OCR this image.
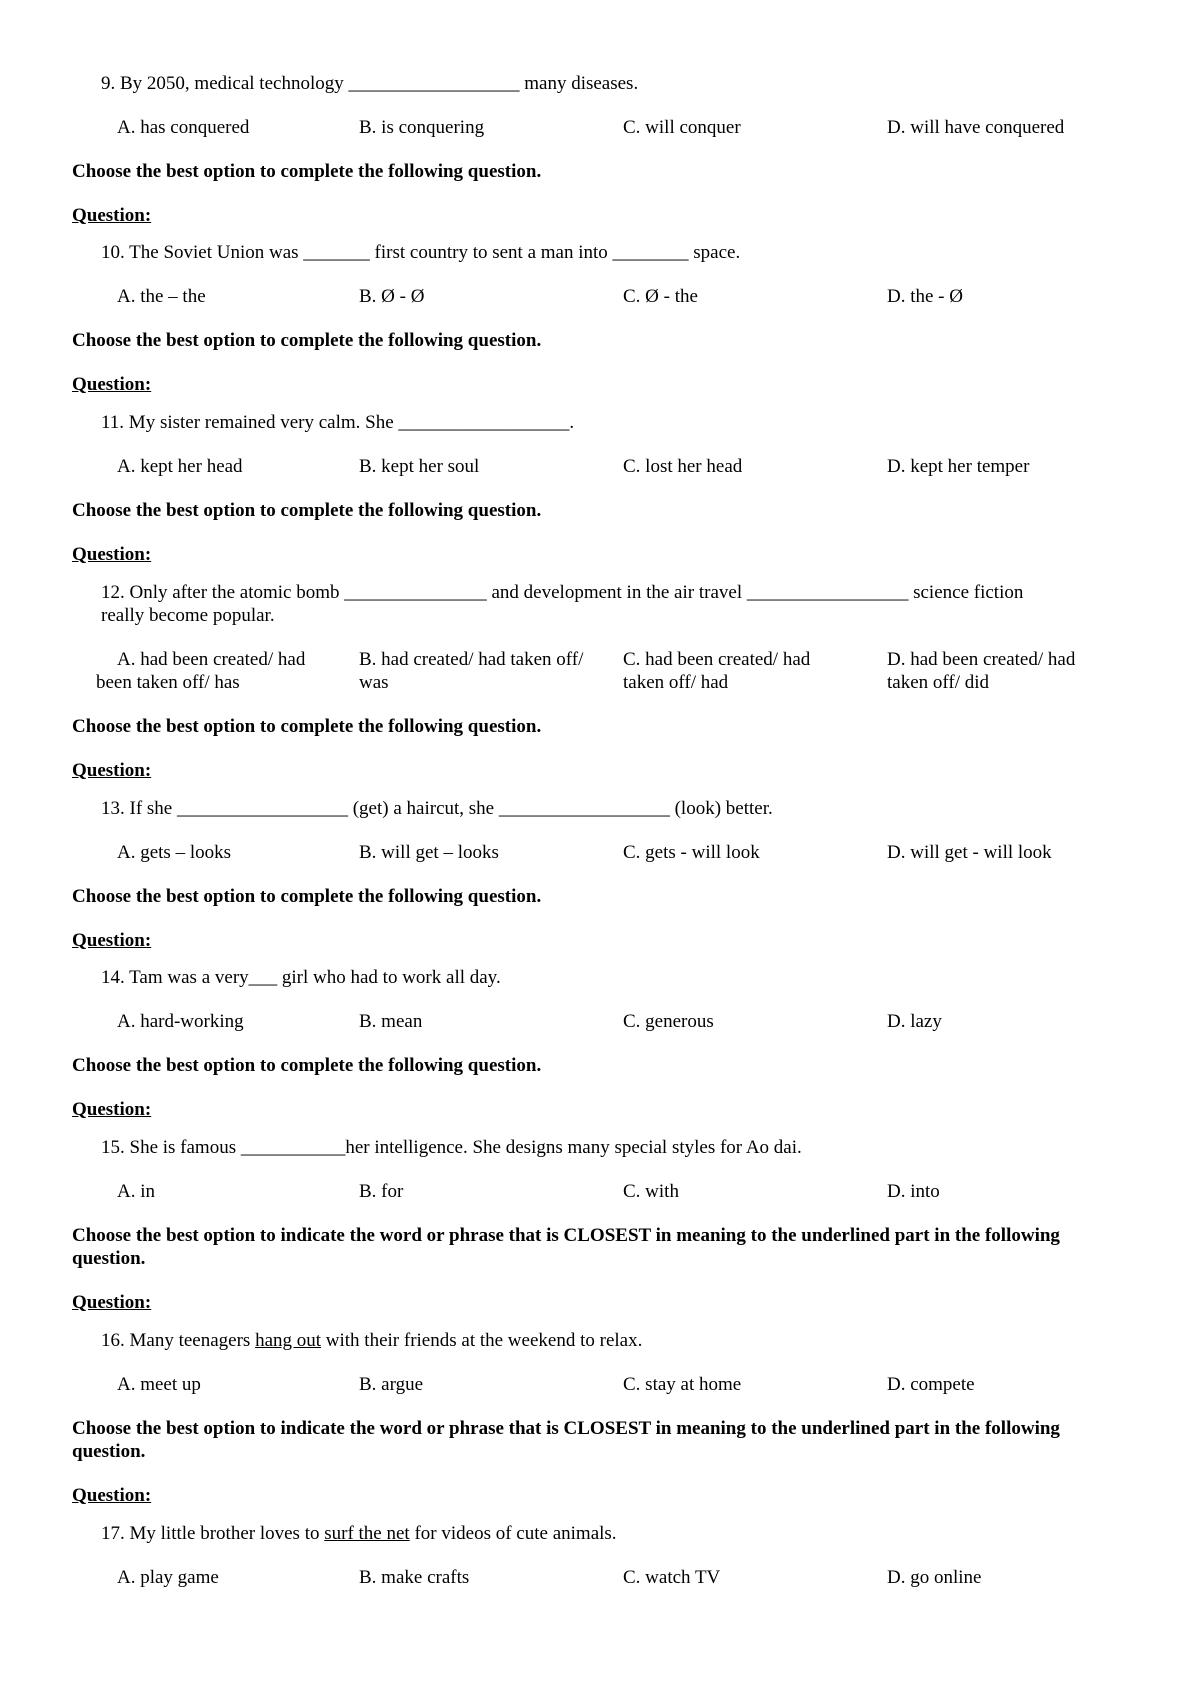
9. By 2050, medical technology __________________ many diseases.
A. has conquered	B. is conquering	C. will conquer	D. will have conquered
Choose the best option to complete the following question.
Question:
10. The Soviet Union was _______ first country to sent a man into ________ space.
A. the – the	B. Ø - Ø	C. Ø - the	D. the - Ø
Choose the best option to complete the following question.
Question:
11. My sister remained very calm. She __________________.
A. kept her head	B. kept her soul	C. lost her head	D. kept her temper
Choose the best option to complete the following question.
Question:
12. Only after the atomic bomb _______________ and development in the air travel _________________ science fiction
really become popular.
A. had been created/ had been taken off/ has
B. had created/ had taken off/ was
C. had been created/ had taken off/ had
D. had been created/ had taken off/ did
Choose the best option to complete the following question.
Question:
13. If she __________________ (get) a haircut, she __________________ (look) better.
A. gets – looks	B. will get – looks	C. gets - will look	D. will get - will look
Choose the best option to complete the following question.
Question:
14. Tam was a very___ girl who had to work all day.
A. hard-working	B. mean	C. generous	D. lazy
Choose the best option to complete the following question.
Question:
15. She is famous ___________her intelligence. She designs many special styles for Ao dai.
A. in	B. for	C. with	D. into
Choose the best option to indicate the word or phrase that is CLOSEST in meaning to the underlined part in the following question.
Question:
16. Many teenagers hang out with their friends at the weekend to relax.
A. meet up	B. argue	C. stay at home	D. compete
Choose the best option to indicate the word or phrase that is CLOSEST in meaning to the underlined part in the following question.
Question:
17. My little brother loves to surf the net for videos of cute animals.
A. play game	B. make crafts	C. watch TV	D. go online
